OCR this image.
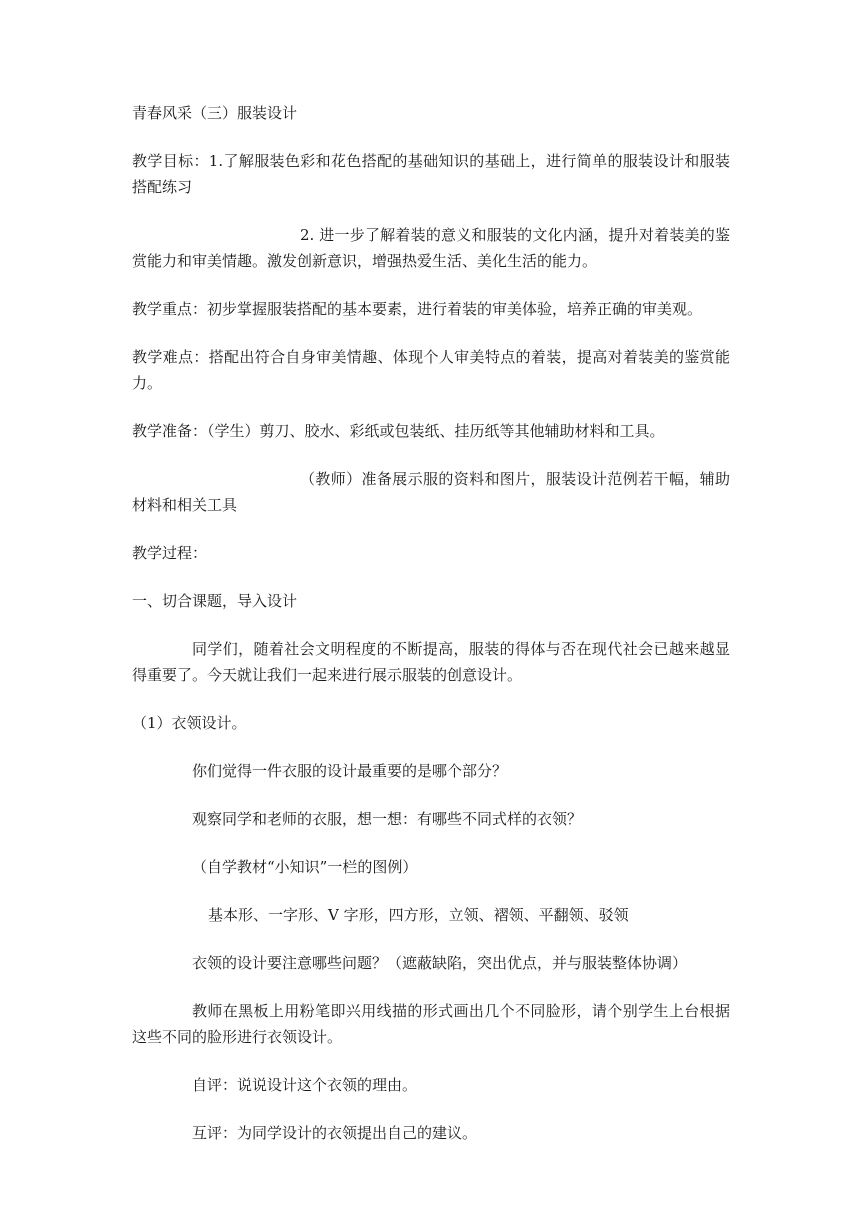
青春风采（三）服装设计

教学目标：1.了解服装色彩和花色搭配的基础知识的基础上，进行简单的服装设计和服装搭配练习

2. 进一步了解着装的意义和服装的文化内涵，提升对着装美的鉴赏能力和审美情趣。激发创新意识，增强热爱生活、美化生活的能力。

教学重点：初步掌握服装搭配的基本要素，进行着装的审美体验，培养正确的审美观。

教学难点：搭配出符合自身审美情趣、体现个人审美特点的着装，提高对着装美的鉴赏能力。

教学准备：（学生）剪刀、胶水、彩纸或包装纸、挂历纸等其他辅助材料和工具。

（教师）准备展示服的资料和图片，服装设计范例若干幅，辅助材料和相关工具

教学过程：

一、切合课题，导入设计

同学们，随着社会文明程度的不断提高，服装的得体与否在现代社会已越来越显得重要了。今天就让我们一起来进行展示服装的创意设计。

（1）衣领设计。

你们觉得一件衣服的设计最重要的是哪个部分？

观察同学和老师的衣服，想一想：有哪些不同式样的衣领？

（自学教材“小知识”一栏的图例）

基本形、一字形、V 字形，四方形，立领、褶领、平翻领、驳领

衣领的设计要注意哪些问题？（遮蔽缺陷，突出优点，并与服装整体协调）

教师在黑板上用粉笔即兴用线描的形式画出几个不同脸形，请个别学生上台根据这些不同的脸形进行衣领设计。

自评：说说设计这个衣领的理由。

互评：为同学设计的衣领提出自己的建议。
